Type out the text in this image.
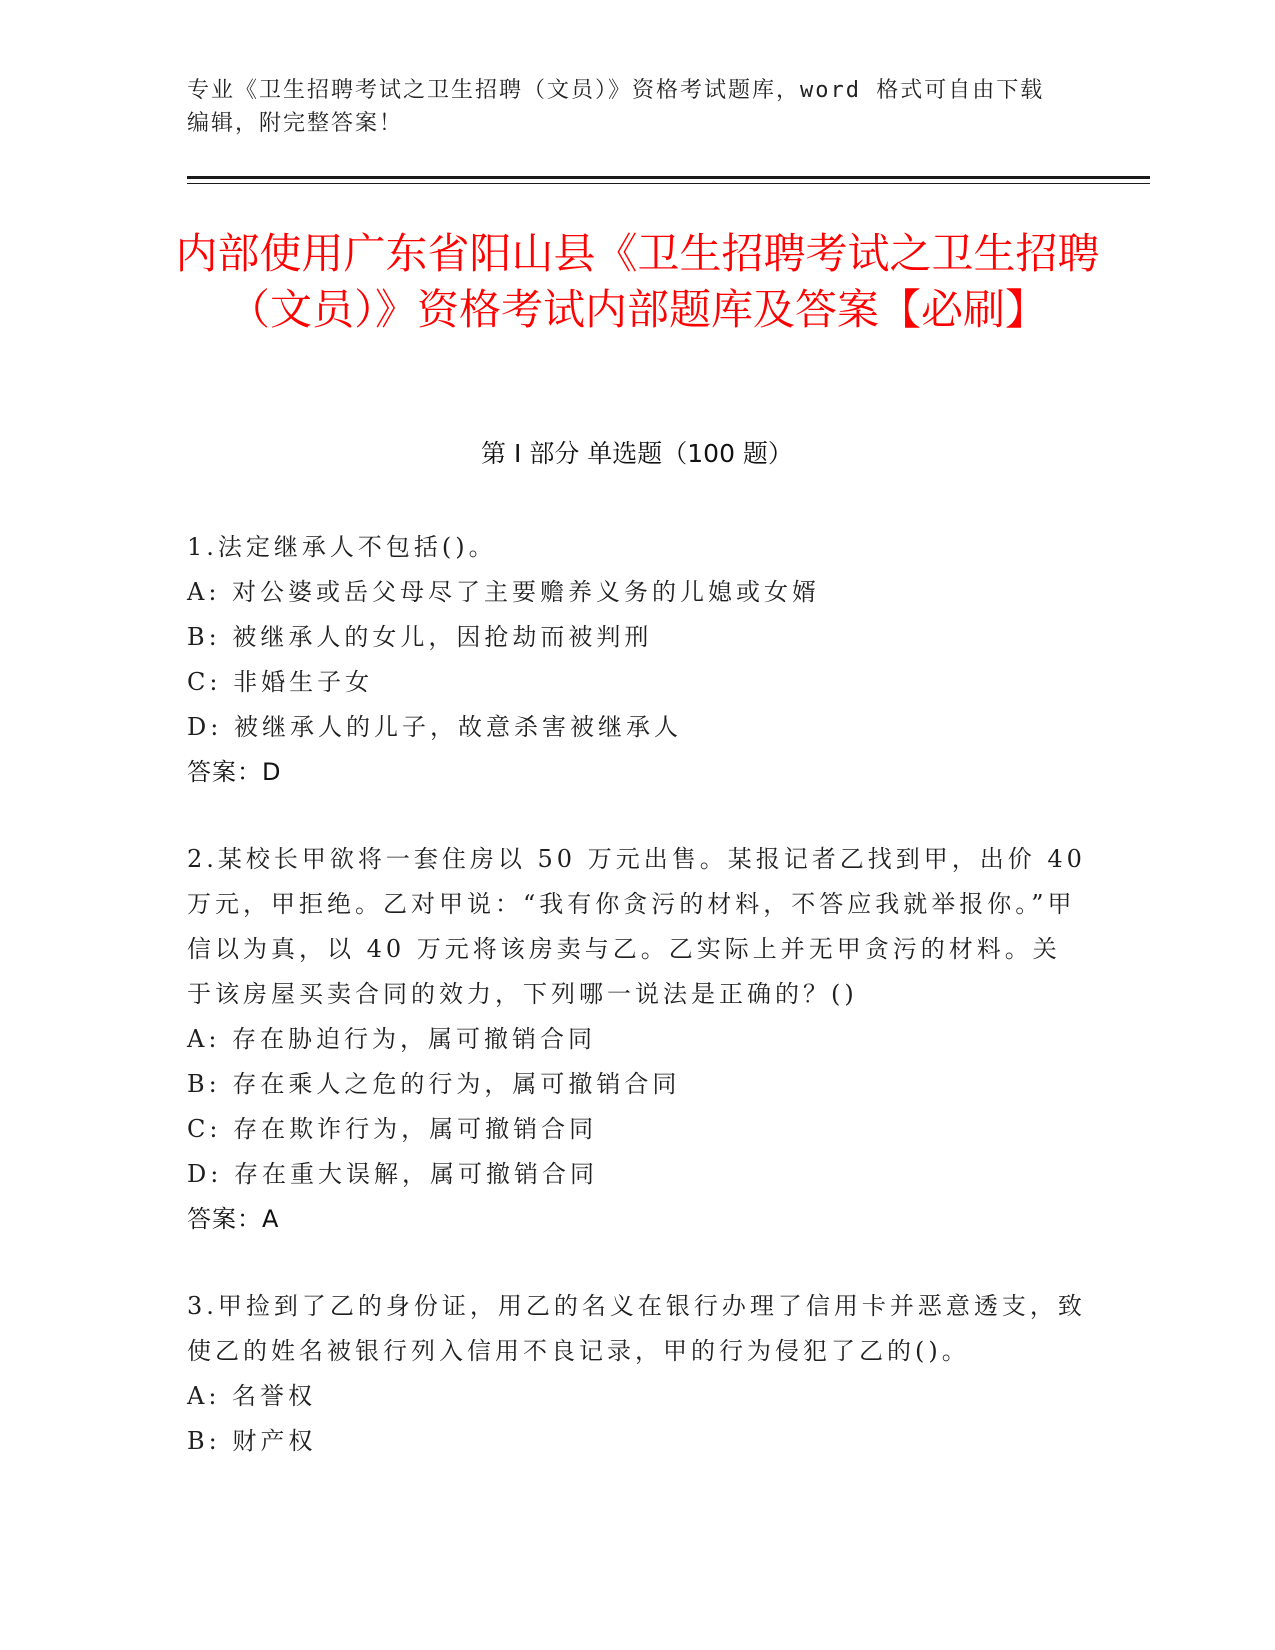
专业《卫生招聘考试之卫生招聘（文员）》资格考试题库，word 格式可自由下载编辑，附完整答案！
内部使用广东省阳山县《卫生招聘考试之卫生招聘（文员）》资格考试内部题库及答案【必刷】
第 I 部分 单选题（100 题）
1.法定继承人不包括()。
A: 对公婆或岳父母尽了主要赡养义务的儿媳或女婿
B: 被继承人的女儿，因抢劫而被判刑
C: 非婚生子女
D: 被继承人的儿子，故意杀害被继承人
答案：D
2.某校长甲欲将一套住房以 50 万元出售。某报记者乙找到甲，出价 40 万元，甲拒绝。乙对甲说：“我有你贪污的材料，不答应我就举报你。”甲信以为真，以 40 万元将该房卖与乙。乙实际上并无甲贪污的材料。关于该房屋买卖合同的效力，下列哪一说法是正确的？()
A: 存在胁迫行为，属可撤销合同
B: 存在乘人之危的行为，属可撤销合同
C: 存在欺诈行为，属可撤销合同
D: 存在重大误解，属可撤销合同
答案：A
3.甲捡到了乙的身份证，用乙的名义在银行办理了信用卡并恶意透支，致使乙的姓名被银行列入信用不良记录，甲的行为侵犯了乙的()。
A: 名誉权
B: 财产权
